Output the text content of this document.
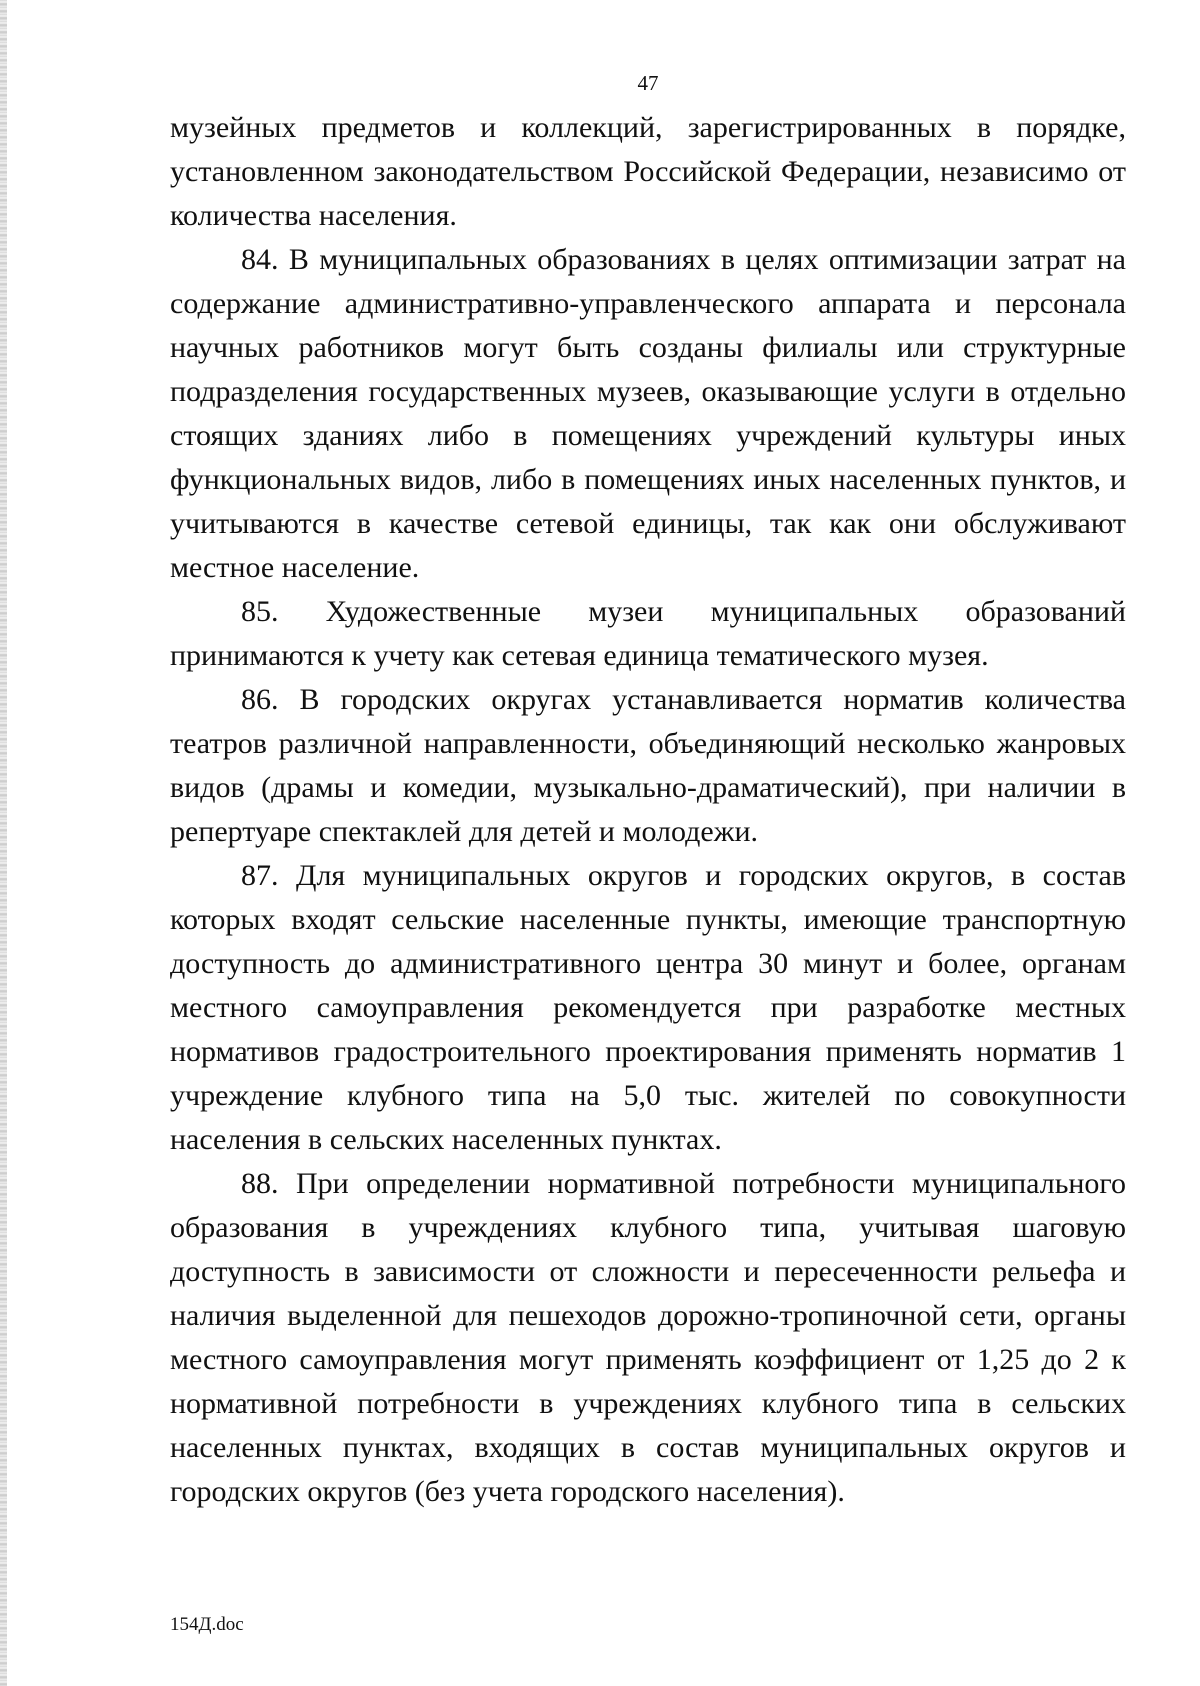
47

музейных предметов и коллекций, зарегистрированных в порядке, установленном законодательством Российской Федерации, независимо от количества населения.

84. В муниципальных образованиях в целях оптимизации затрат на содержание административно-управленческого аппарата и персонала научных работников могут быть созданы филиалы или структурные подразделения государственных музеев, оказывающие услуги в отдельно стоящих зданиях либо в помещениях учреждений культуры иных функциональных видов, либо в помещениях иных населенных пунктов, и учитываются в качестве сетевой единицы, так как они обслуживают местное население.

85. Художественные музеи муниципальных образований принимаются к учету как сетевая единица тематического музея.

86. В городских округах устанавливается норматив количества театров различной направленности, объединяющий несколько жанровых видов (драмы и комедии, музыкально-драматический), при наличии в репертуаре спектаклей для детей и молодежи.

87. Для муниципальных округов и городских округов, в состав которых входят сельские населенные пункты, имеющие транспортную доступность до административного центра 30 минут и более, органам местного самоуправления рекомендуется при разработке местных нормативов градостроительного проектирования применять норматив 1 учреждение клубного типа на 5,0 тыс. жителей по совокупности населения в сельских населенных пунктах.

88. При определении нормативной потребности муниципального образования в учреждениях клубного типа, учитывая шаговую доступность в зависимости от сложности и пересеченности рельефа и наличия выделенной для пешеходов дорожно-тропиночной сети, органы местного самоуправления могут применять коэффициент от 1,25 до 2 к нормативной потребности в учреждениях клубного типа в сельских населенных пунктах, входящих в состав муниципальных округов и городских округов (без учета городского населения).

154Д.doc
